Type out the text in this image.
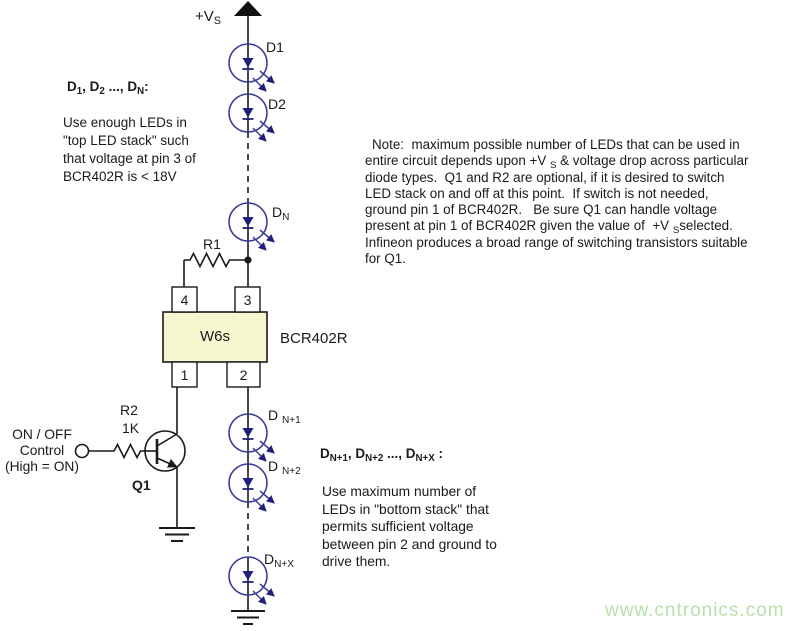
$+V_S$
D1
D2
$D_N$
R1
R2
1K
Q1
W6s	BCR402R
4	3
1	2
D $_{N+1}$
D $_{N+2}$
$D_{N+X}$
ON / OFF
Control
(High = ON)
$D_1$, $D_2$ ..., $D_N$:
Use enough LEDs in
"top LED stack" such
that voltage at pin 3 of
BCR402R is < 18V
Note:  maximum possible number of LEDs that can be used in
entire circuit depends upon +V $_S$ & voltage drop across particular
diode types.  Q1 and R2 are optional, if it is desired to switch
LED stack on and off at this point.  If switch is not needed,
ground pin 1 of BCR402R.   Be sure Q1 can handle voltage
present at pin 1 of BCR402R given the value of  +V $_S$selected.
Infineon produces a broad range of switching transistors suitable
for Q1.
$D_{N+1}$, $D_{N+2}$ ..., $D_{N+X}$ :
Use maximum number of
LEDs in "bottom stack" that
permits sufficient voltage
between pin 2 and ground to
drive them.
www.cntronics.com
